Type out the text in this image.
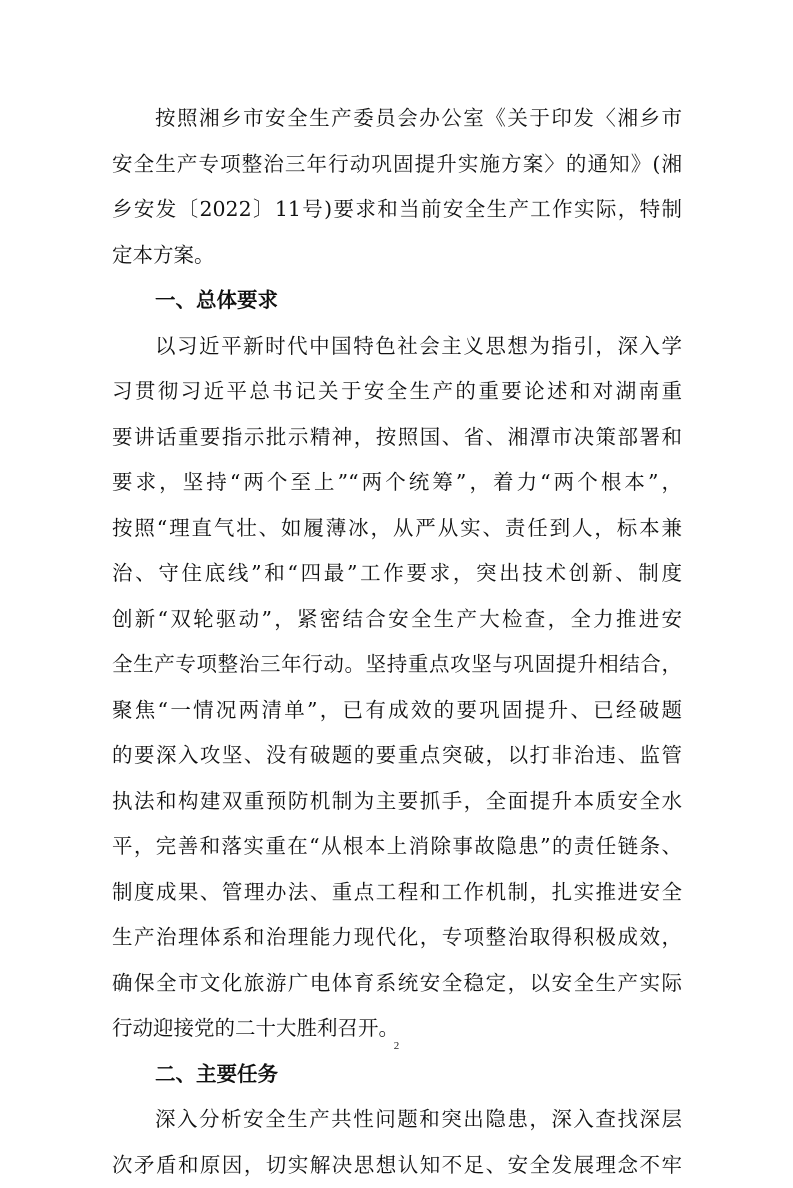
按照湘乡市安全生产委员会办公室《关于印发〈湘乡市
安全生产专项整治三年行动巩固提升实施方案〉的通知》(湘
乡安发〔2022〕11号)要求和当前安全生产工作实际，特制
定本方案。
一、总体要求
以习近平新时代中国特色社会主义思想为指引，深入学
习贯彻习近平总书记关于安全生产的重要论述和对湖南重
要讲话重要指示批示精神，按照国、省、湘潭市决策部署和
要求，坚持“两个至上”“两个统筹”，着力“两个根本”，
按照“理直气壮、如履薄冰，从严从实、责任到人，标本兼
治、守住底线”和“四最”工作要求，突出技术创新、制度
创新“双轮驱动”，紧密结合安全生产大检查，全力推进安
全生产专项整治三年行动。坚持重点攻坚与巩固提升相结合，
聚焦“一情况两清单”，已有成效的要巩固提升、已经破题
的要深入攻坚、没有破题的要重点突破，以打非治违、监管
执法和构建双重预防机制为主要抓手，全面提升本质安全水
平，完善和落实重在“从根本上消除事故隐患”的责任链条、
制度成果、管理办法、重点工程和工作机制，扎实推进安全
生产治理体系和治理能力现代化，专项整治取得积极成效，
确保全市文化旅游广电体育系统安全稳定，以安全生产实际
行动迎接党的二十大胜利召开。
二、主要任务
深入分析安全生产共性问题和突出隐患，深入查找深层
次矛盾和原因，切实解决思想认知不足、安全发展理念不牢
2
